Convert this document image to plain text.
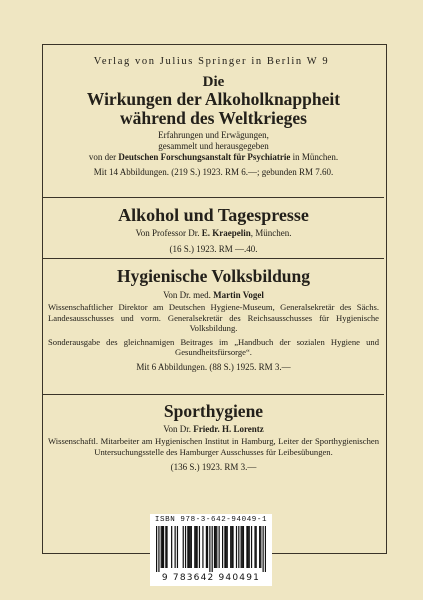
Verlag von Julius Springer in Berlin W 9
Die
Wirkungen der Alkoholknappheit
während des Weltkrieges
Erfahrungen und Erwägungen,
gesammelt und herausgegeben
von der Deutschen Forschungsanstalt für Psychiatrie in München.
Mit 14 Abbildungen. (219 S.) 1923. RM 6.—; gebunden RM 7.60.
Alkohol und Tagespresse
Von Professor Dr. E. Kraepelin, München.
(16 S.) 1923. RM —.40.
Hygienische Volksbildung
Von Dr. med. Martin Vogel
Wissenschaftlicher Direktor am Deutschen Hygiene-Museum, Generalsekretär des Sächs. Landesausschusses und vorm. Generalsekretär des Reichsausschusses für Hygienische Volksbildung.
Sonderausgabe des gleichnamigen Beitrages im „Handbuch der sozialen Hygiene und Gesundheitsfürsorge“.
Mit 6 Abbildungen. (88 S.) 1925. RM 3.—
Sporthygiene
Von Dr. Friedr. H. Lorentz
Wissenschaftl. Mitarbeiter am Hygienischen Institut in Hamburg, Leiter der Sporthygienischen Untersuchungsstelle des Hamburger Ausschusses für Leibesübungen.
(136 S.) 1923. RM 3.—
ISBN 978-3-642-94049-1
9 783642 940491
